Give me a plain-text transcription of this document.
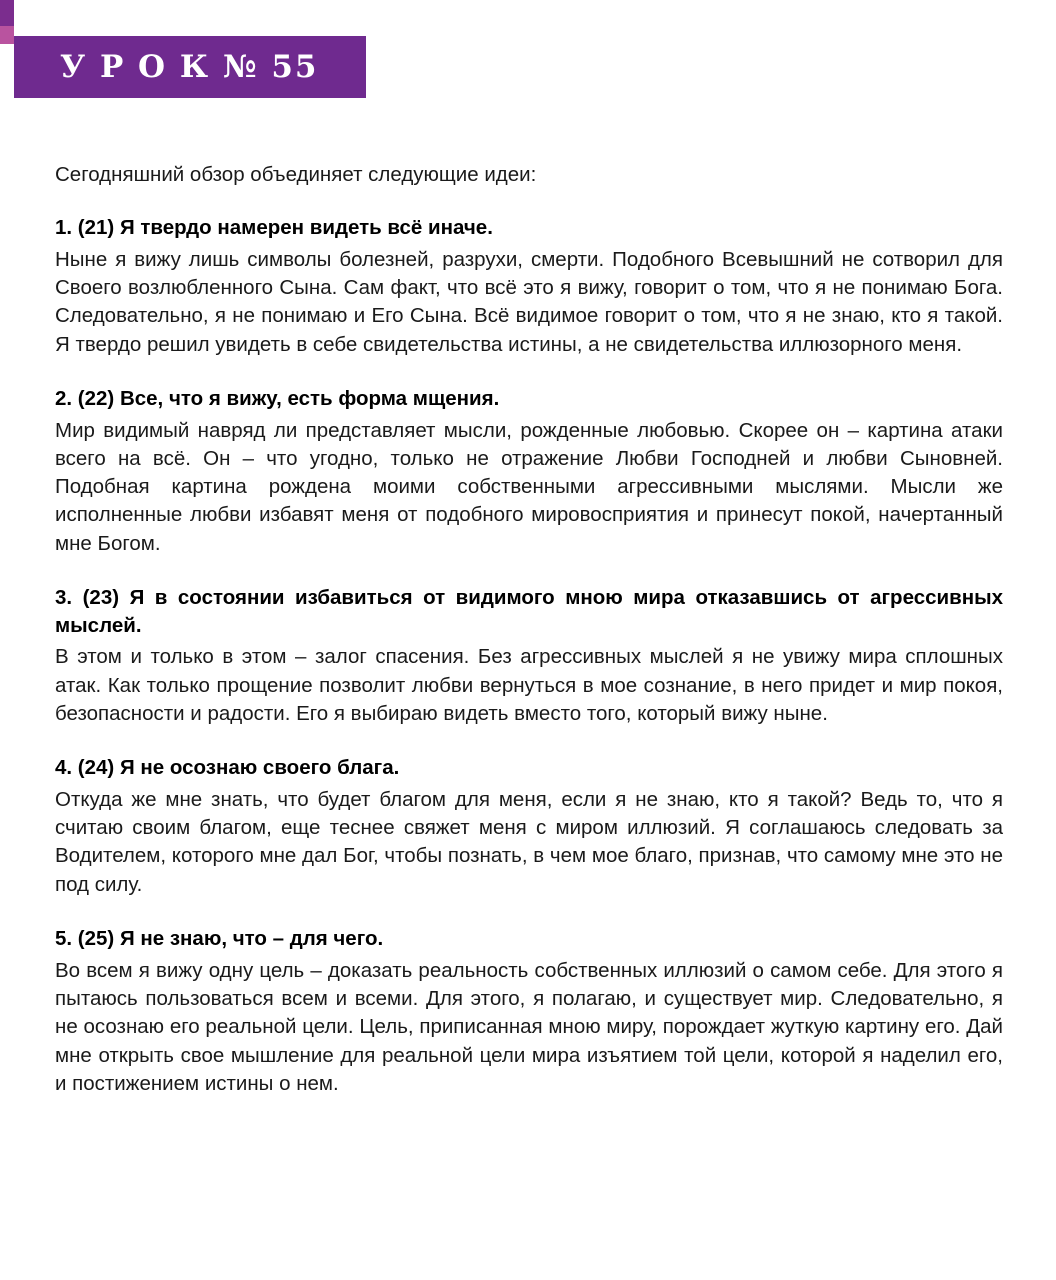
У Р О К № 55

Сегодняшний обзор объединяет следующие идеи:

1. (21) Я твердо намерен видеть всё иначе.
Ныне я вижу лишь символы болезней, разрухи, смерти. Подобного Всевышний не сотворил для Своего возлюбленного Сына. Сам факт, что всё это я вижу, говорит о том, что я не понимаю Бога. Следовательно, я не понимаю и Его Сына. Всё видимое говорит о том, что я не знаю, кто я такой. Я твердо решил увидеть в себе свидетельства истины, а не свидетельства иллюзорного меня.
2. (22) Все, что я вижу, есть форма мщения.
Мир видимый навряд ли представляет мысли, рожденные любовью. Скорее он – картина атаки всего на всё. Он – что угодно, только не отражение Любви Господней и любви Сыновней. Подобная картина рождена моими собственными агрессивными мыслями. Мысли же исполненные любви избавят меня от подобного мировосприятия и принесут покой, начертанный мне Богом.
3. (23) Я в состоянии избавиться от видимого мною мира отказавшись от агрессивных мыслей.
В этом и только в этом – залог спасения. Без агрессивных мыслей я не увижу мира сплошных атак. Как только прощение позволит любви вернуться в мое сознание, в него придет и мир покоя, безопасности и радости. Его я выбираю видеть вместо того, который вижу ныне.
4. (24) Я не осознаю своего блага.
Откуда же мне знать, что будет благом для меня, если я не знаю, кто я такой? Ведь то, что я считаю своим благом, еще теснее свяжет меня с миром иллюзий. Я соглашаюсь следовать за Водителем, которого мне дал Бог, чтобы познать, в чем мое благо, признав, что самому мне это не под силу.
5. (25) Я не знаю, что – для чего.
Во всем я вижу одну цель – доказать реальность собственных иллюзий о самом себе. Для этого я пытаюсь пользоваться всем и всеми. Для этого, я полагаю, и существует мир. Следовательно, я не осознаю его реальной цели. Цель, приписанная мною миру, порождает жуткую картину его. Дай мне открыть свое мышление для реальной цели мира изъятием той цели, которой я наделил его, и постижением истины о нем.
